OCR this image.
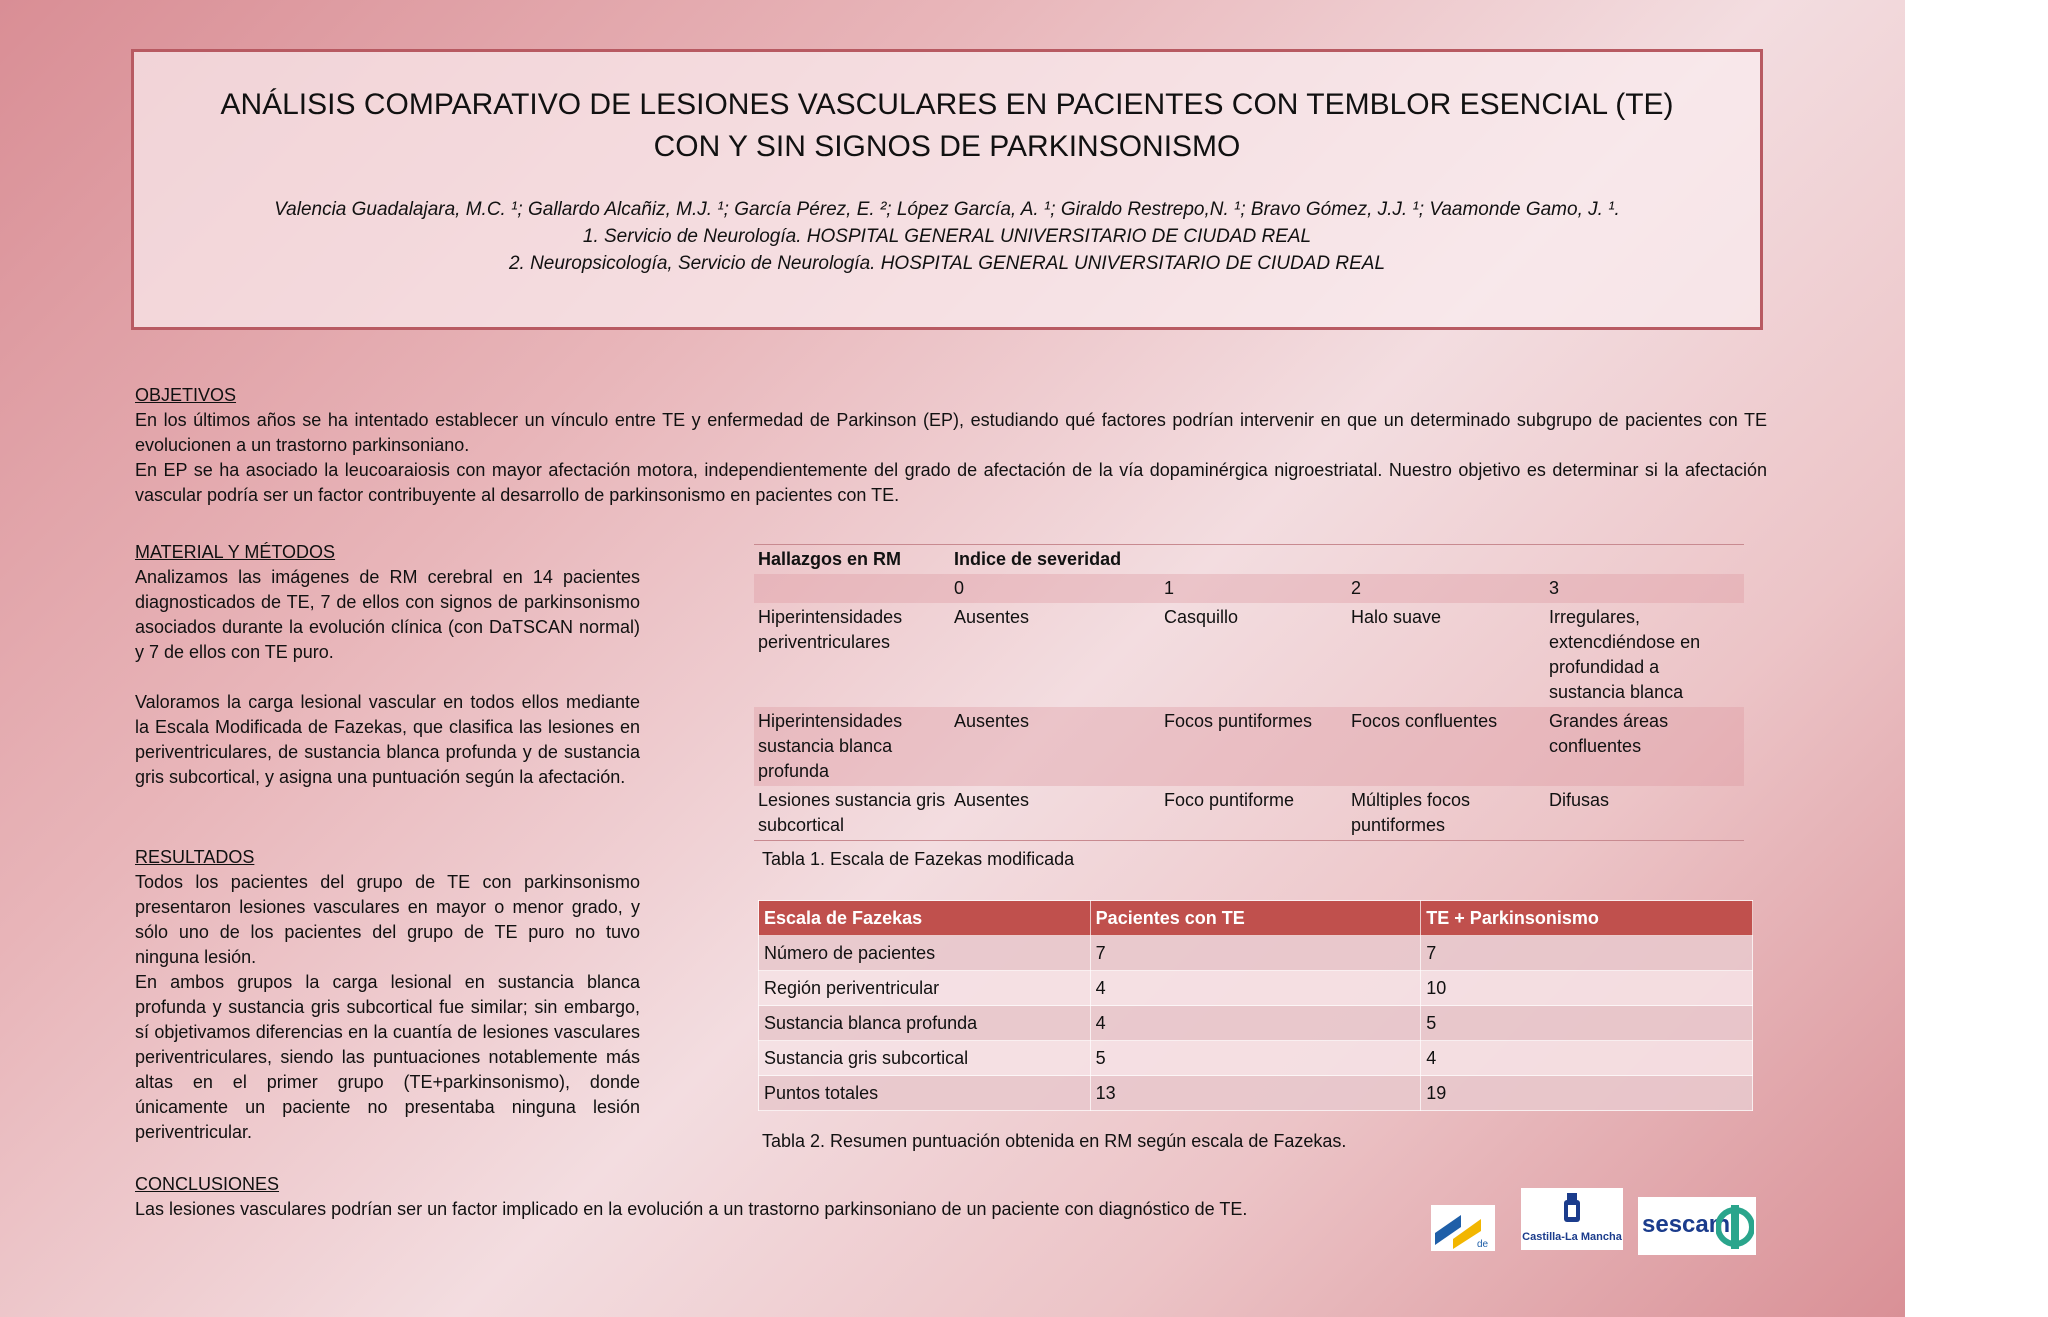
ANÁLISIS COMPARATIVO DE LESIONES VASCULARES EN PACIENTES CON TEMBLOR ESENCIAL (TE) CON Y SIN SIGNOS DE PARKINSONISMO
Valencia Guadalajara, M.C. ¹; Gallardo Alcañiz, M.J. ¹; García Pérez, E. ²; López García, A. ¹; Giraldo Restrepo,N. ¹; Bravo Gómez, J.J. ¹; Vaamonde Gamo, J. ¹.
1. Servicio de Neurología. HOSPITAL GENERAL UNIVERSITARIO DE CIUDAD REAL
2. Neuropsicología, Servicio de Neurología. HOSPITAL GENERAL UNIVERSITARIO DE CIUDAD REAL
OBJETIVOS
En los últimos años se ha intentado establecer un vínculo entre TE y enfermedad de Parkinson (EP), estudiando qué factores podrían intervenir en que un determinado subgrupo de pacientes con TE evolucionen a un trastorno parkinsoniano.
En EP se ha asociado la leucoaraiosis con mayor afectación motora, independientemente del grado de afectación de la vía dopaminérgica nigroestriatal. Nuestro objetivo es determinar si la afectación vascular podría ser un factor contribuyente al desarrollo de parkinsonismo en pacientes con TE.
MATERIAL Y MÉTODOS
Analizamos las imágenes de RM cerebral en 14 pacientes diagnosticados de TE, 7 de ellos con signos de parkinsonismo asociados durante la evolución clínica (con DaTSCAN normal) y 7 de ellos con TE puro.
Valoramos la carga lesional vascular en todos ellos mediante la Escala Modificada de Fazekas, que clasifica las lesiones en periventriculares, de sustancia blanca profunda y de sustancia gris subcortical, y asigna una puntuación según la afectación.
RESULTADOS
Todos los pacientes del grupo de TE con parkinsonismo presentaron lesiones vasculares en mayor o menor grado, y sólo uno de los pacientes del grupo de TE puro no tuvo ninguna lesión.
En ambos grupos la carga lesional en sustancia blanca profunda y sustancia gris subcortical fue similar; sin embargo, sí objetivamos diferencias en la cuantía de lesiones vasculares periventriculares, siendo las puntuaciones notablemente más altas en el primer grupo (TE+parkinsonismo), donde únicamente un paciente no presentaba ninguna lesión periventricular.
CONCLUSIONES
Las lesiones vasculares podrían ser un factor implicado en la evolución a un trastorno parkinsoniano de un paciente con diagnóstico de TE.
Hallazgos en RM	Indice de severidad			
	0	1	2	3
Hiperintensidades periventriculares	Ausentes	Casquillo	Halo suave	Irregulares, extencdiéndose en profundidad a sustancia blanca
Hiperintensidades sustancia blanca profunda	Ausentes	Focos puntiformes	Focos confluentes	Grandes áreas confluentes
Lesiones sustancia gris subcortical	Ausentes	Foco puntiforme	Múltiples focos puntiformes	Difusas
Tabla 1. Escala de Fazekas modificada
Escala de Fazekas	Pacientes con TE	TE + Parkinsonismo
Número de pacientes	7	7
Región periventricular	4	10
Sustancia blanca profunda	4	5
Sustancia gris subcortical	5	4
Puntos totales	13	19
Tabla 2. Resumen puntuación obtenida en RM según escala de Fazekas.
de
Castilla-La Mancha sescam
